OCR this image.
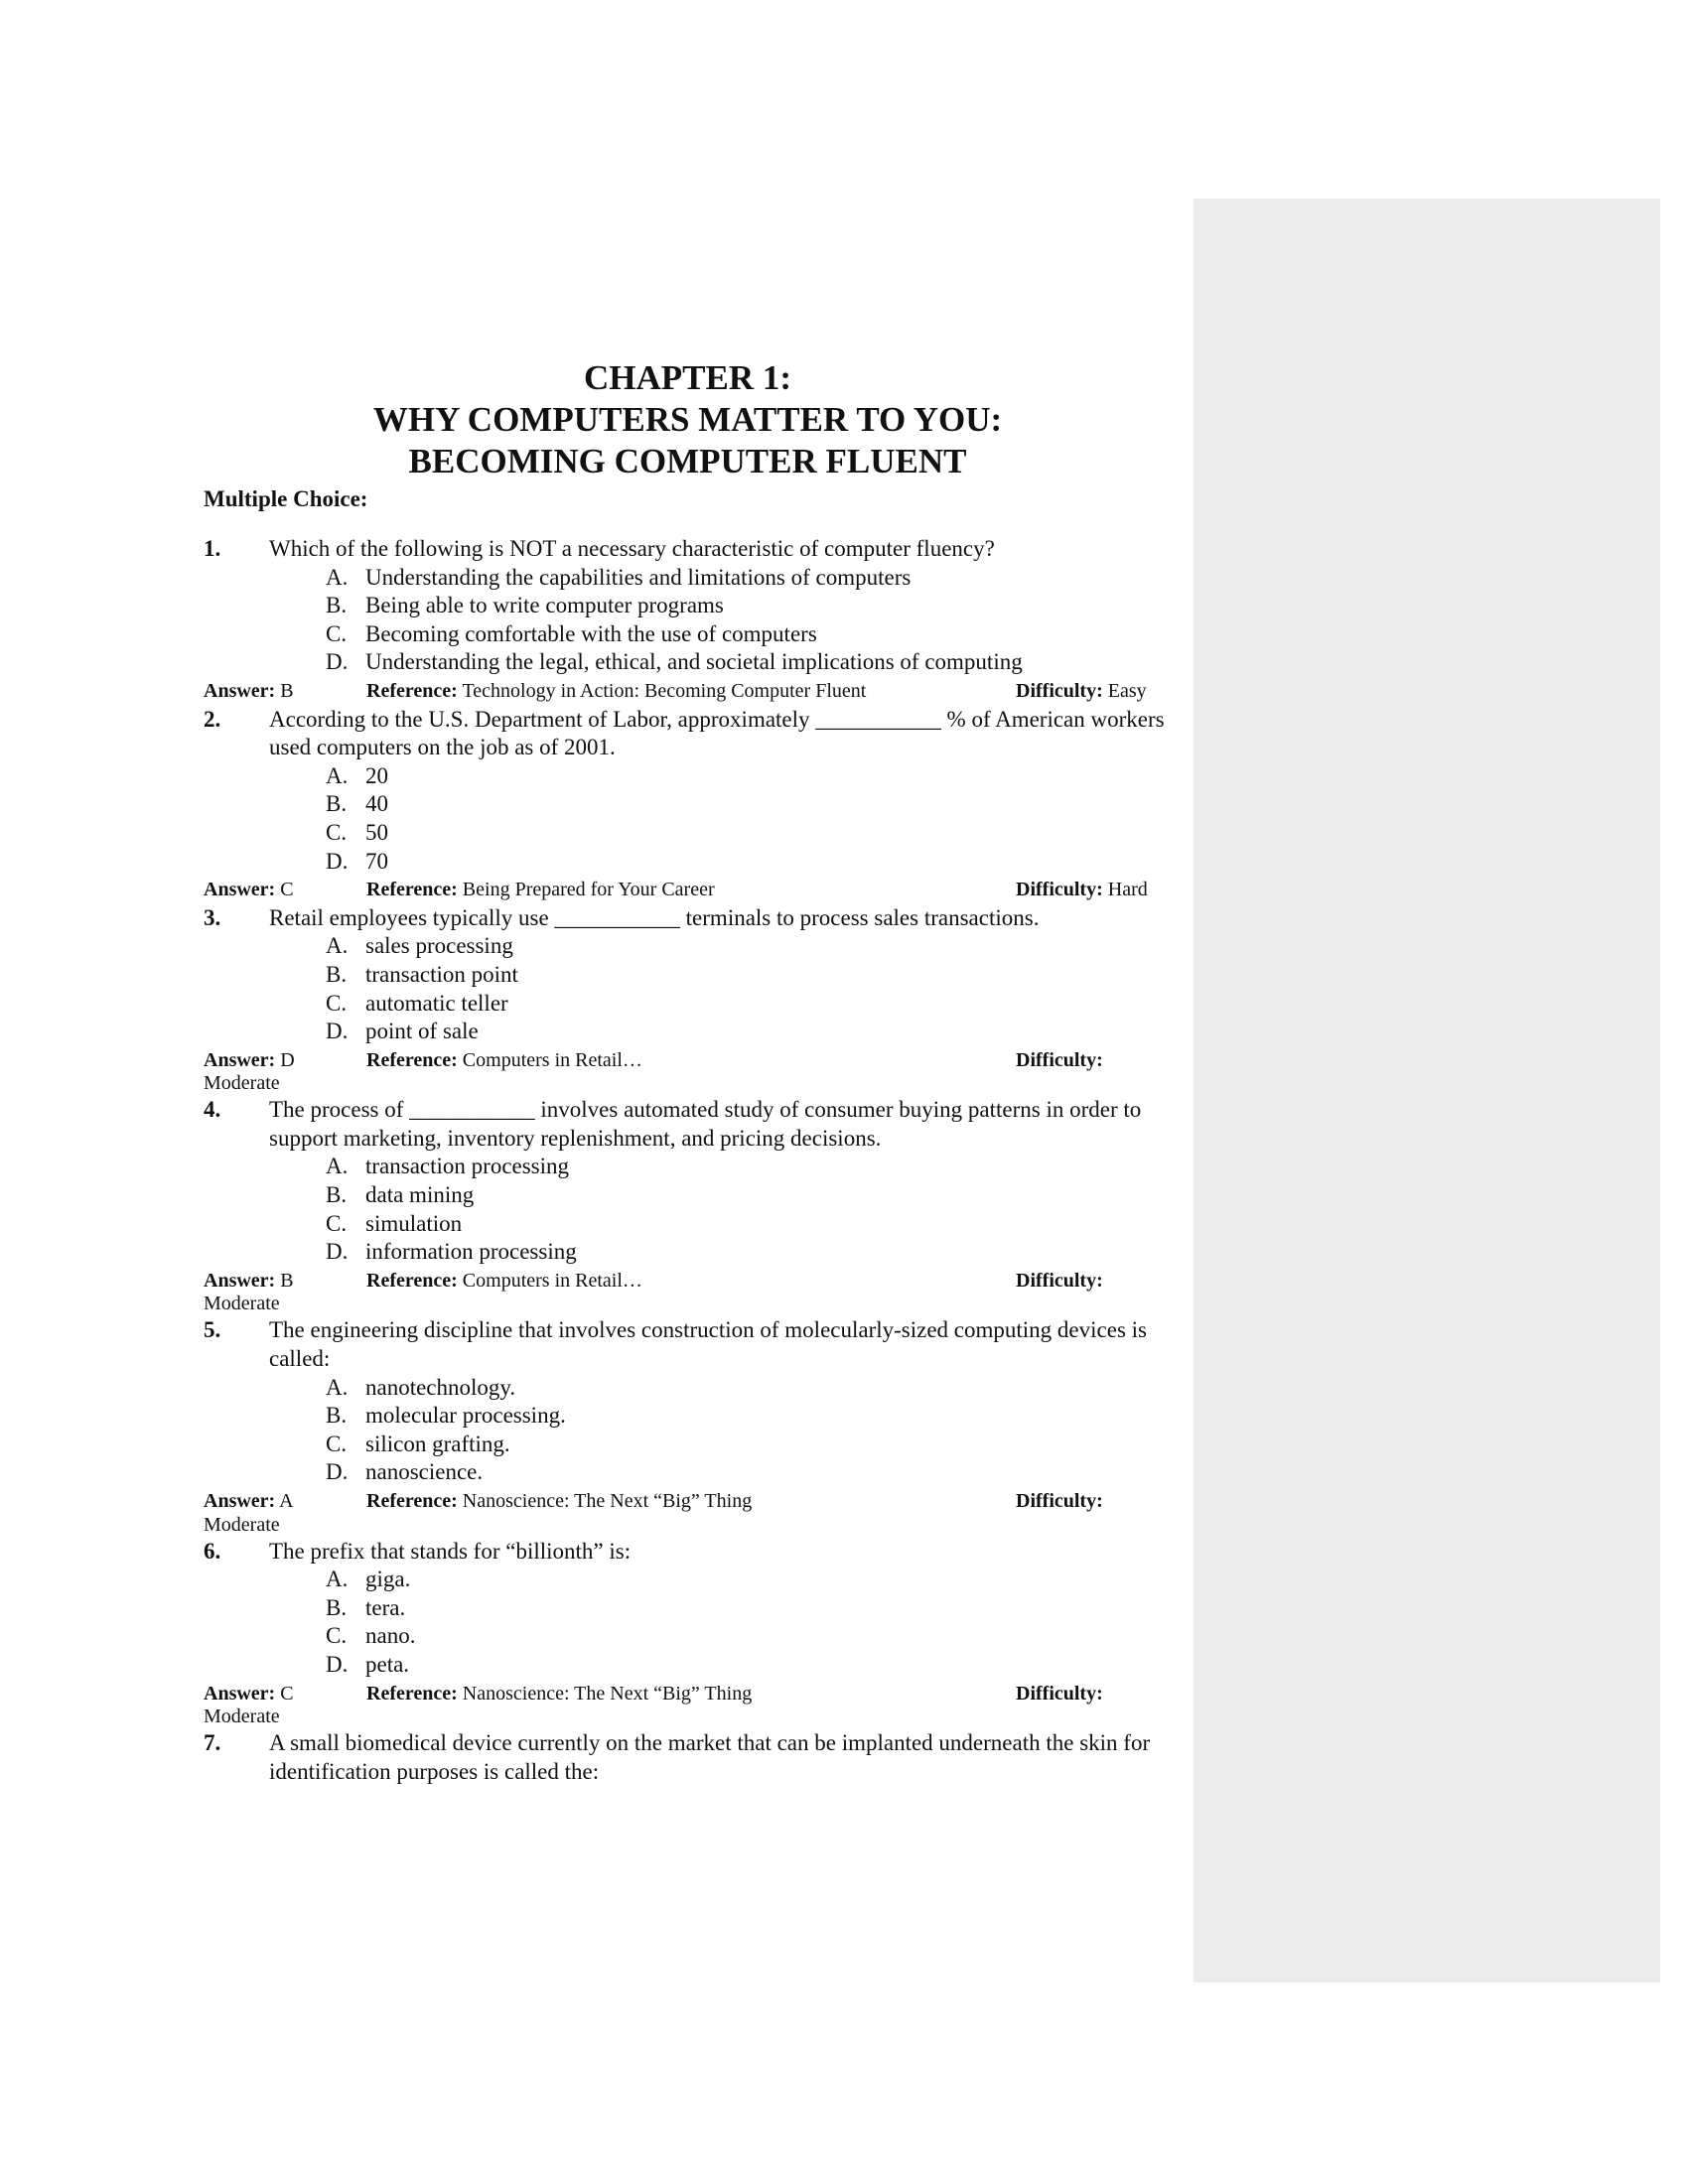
CHAPTER 1:
WHY COMPUTERS MATTER TO YOU:
BECOMING COMPUTER FLUENT
Multiple Choice:
1.	Which of the following is NOT a necessary characteristic of computer fluency?
A. Understanding the capabilities and limitations of computers
B. Being able to write computer programs
C. Becoming comfortable with the use of computers
D. Understanding the legal, ethical, and societal implications of computing
Answer: B	Reference: Technology in Action: Becoming Computer Fluent	Difficulty: Easy
2.	According to the U.S. Department of Labor, approximately ___________ % of American workers used computers on the job as of 2001.
A. 20
B. 40
C. 50
D. 70
Answer: C	Reference: Being Prepared for Your Career	Difficulty: Hard
3.	Retail employees typically use ___________ terminals to process sales transactions.
A. sales processing
B. transaction point
C. automatic teller
D. point of sale
Answer: D	Reference: Computers in Retail…	Difficulty:
Moderate
4.	The process of ___________ involves automated study of consumer buying patterns in order to support marketing, inventory replenishment, and pricing decisions.
A. transaction processing
B. data mining
C. simulation
D. information processing
Answer: B	Reference: Computers in Retail…	Difficulty:
Moderate
5.	The engineering discipline that involves construction of molecularly-sized computing devices is called:
A. nanotechnology.
B. molecular processing.
C. silicon grafting.
D. nanoscience.
Answer: A	Reference: Nanoscience: The Next “Big” Thing	Difficulty:
Moderate
6.	The prefix that stands for “billionth” is:
A. giga.
B. tera.
C. nano.
D. peta.
Answer: C	Reference: Nanoscience: The Next “Big” Thing	Difficulty:
Moderate
7.	A small biomedical device currently on the market that can be implanted underneath the skin for identification purposes is called the:
